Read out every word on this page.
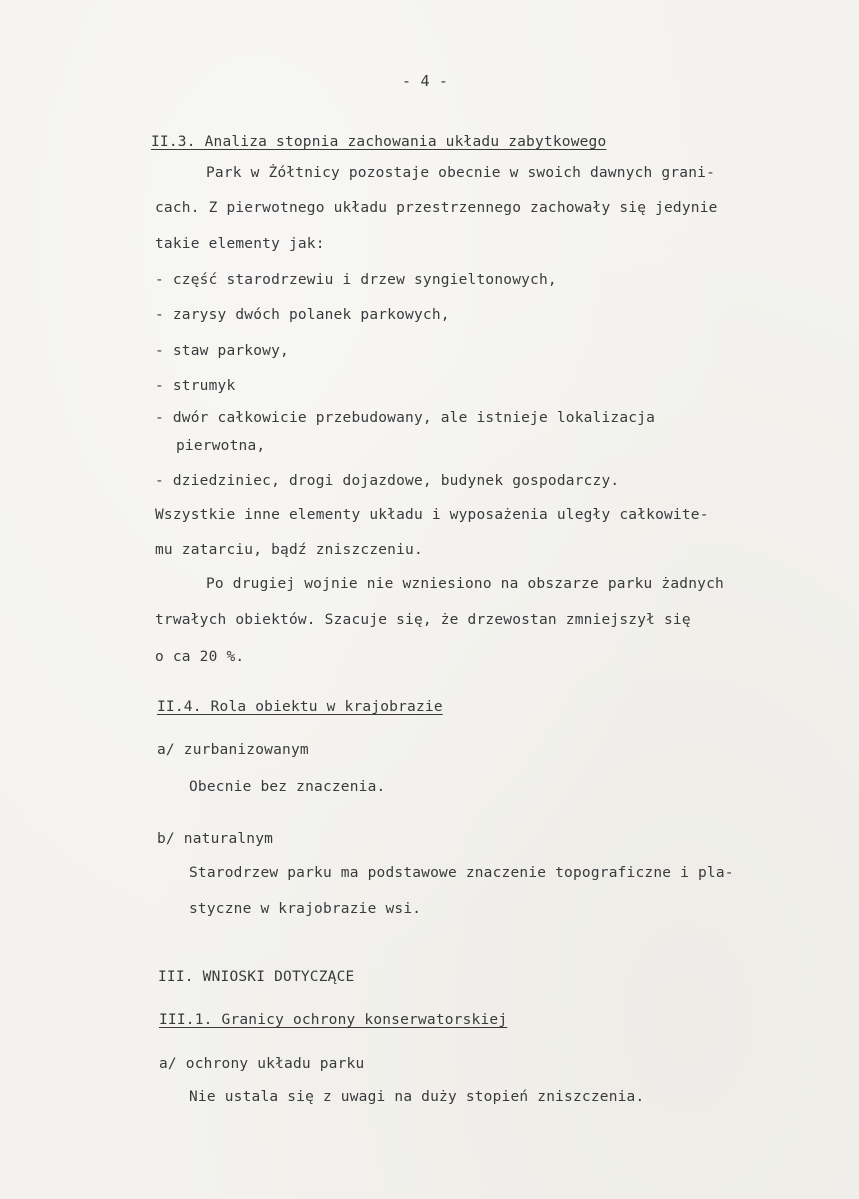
- 4 -
II.3. Analiza stopnia zachowania układu zabytkowego
Park w Żółtnicy pozostaje obecnie w swoich dawnych grani-
cach. Z pierwotnego układu przestrzennego zachowały się jedynie
takie elementy jak:
- część starodrzewiu i drzew syngieltonowych,
- zarysy dwóch polanek parkowych,
- staw parkowy,
- strumyk
- dwór całkowicie przebudowany, ale istnieje lokalizacja
pierwotna,
- dziedziniec, drogi dojazdowe, budynek gospodarczy.
Wszystkie inne elementy układu i wyposażenia uległy całkowite-
mu zatarciu, bądź zniszczeniu.
Po drugiej wojnie nie wzniesiono na obszarze parku żadnych
trwałych obiektów. Szacuje się, że drzewostan zmniejszył się
o ca 20 %.
II.4. Rola obiektu w krajobrazie
a/ zurbanizowanym
Obecnie bez znaczenia.
b/ naturalnym
Starodrzew parku ma podstawowe znaczenie topograficzne i pla-
styczne w krajobrazie wsi.
III. WNIOSKI DOTYCZĄCE
III.1. Granicy ochrony konserwatorskiej
a/ ochrony układu parku
Nie ustala się z uwagi na duży stopień zniszczenia.
